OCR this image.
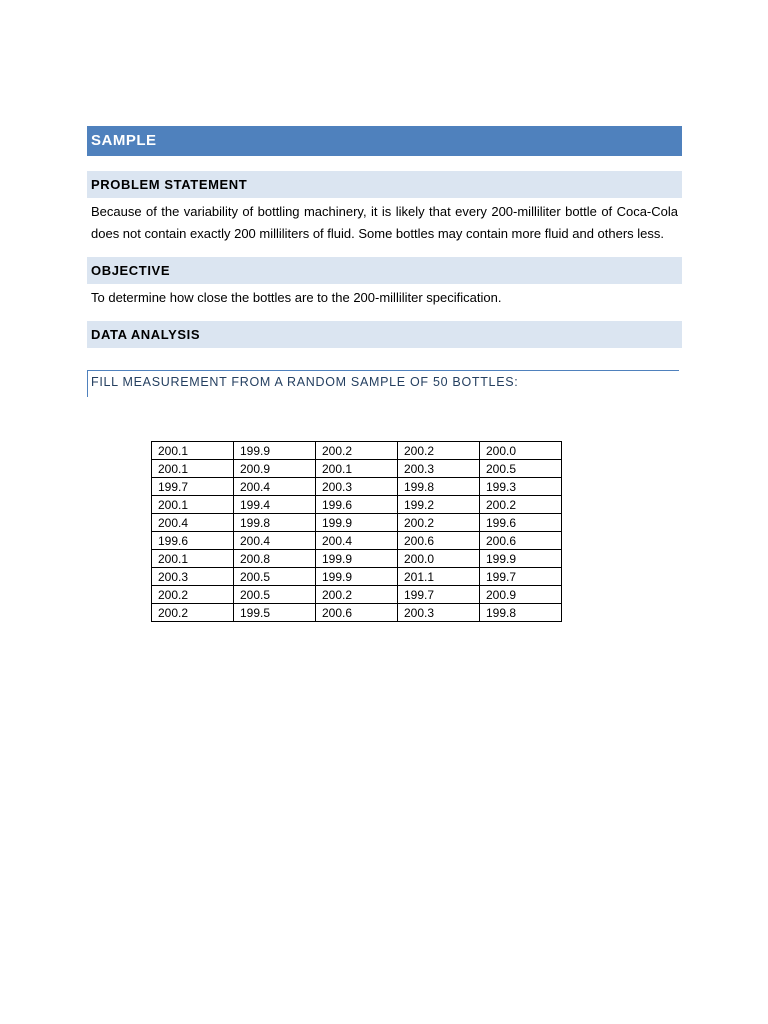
SAMPLE
PROBLEM STATEMENT
Because of the variability of bottling machinery, it is likely that every 200-milliliter bottle of Coca-Cola does not contain exactly 200 milliliters of fluid. Some bottles may contain more fluid and others less.
OBJECTIVE
To determine how close the bottles are to the 200-milliliter specification.
DATA ANALYSIS
FILL MEASUREMENT FROM A RANDOM SAMPLE OF 50 BOTTLES:
200.1	199.9	200.2	200.2	200.0
200.1	200.9	200.1	200.3	200.5
199.7	200.4	200.3	199.8	199.3
200.1	199.4	199.6	199.2	200.2
200.4	199.8	199.9	200.2	199.6
199.6	200.4	200.4	200.6	200.6
200.1	200.8	199.9	200.0	199.9
200.3	200.5	199.9	201.1	199.7
200.2	200.5	200.2	199.7	200.9
200.2	199.5	200.6	200.3	199.8
